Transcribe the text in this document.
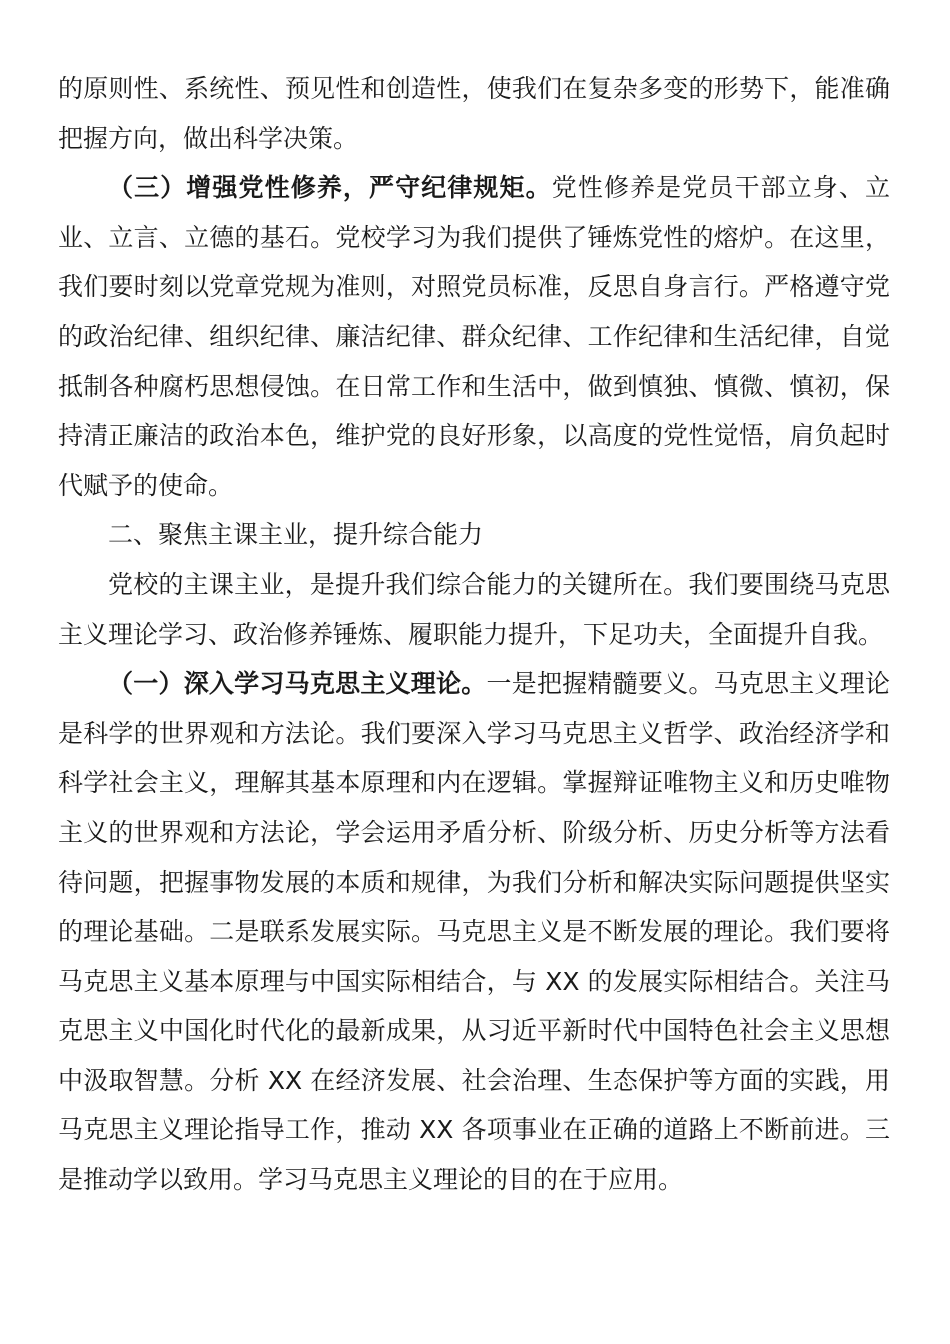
的原则性、系统性、预见性和创造性，使我们在复杂多变的形势下，能准确把握方向，做出科学决策。

（三）增强党性修养，严守纪律规矩。党性修养是党员干部立身、立业、立言、立德的基石。党校学习为我们提供了锤炼党性的熔炉。在这里，我们要时刻以党章党规为准则，对照党员标准，反思自身言行。严格遵守党的政治纪律、组织纪律、廉洁纪律、群众纪律、工作纪律和生活纪律，自觉抵制各种腐朽思想侵蚀。在日常工作和生活中，做到慎独、慎微、慎初，保持清正廉洁的政治本色，维护党的良好形象，以高度的党性觉悟，肩负起时代赋予的使命。

二、聚焦主课主业，提升综合能力

党校的主课主业，是提升我们综合能力的关键所在。我们要围绕马克思主义理论学习、政治修养锤炼、履职能力提升，下足功夫，全面提升自我。

（一）深入学习马克思主义理论。一是把握精髓要义。马克思主义理论是科学的世界观和方法论。我们要深入学习马克思主义哲学、政治经济学和科学社会主义，理解其基本原理和内在逻辑。掌握辩证唯物主义和历史唯物主义的世界观和方法论，学会运用矛盾分析、阶级分析、历史分析等方法看待问题，把握事物发展的本质和规律，为我们分析和解决实际问题提供坚实的理论基础。二是联系发展实际。马克思主义是不断发展的理论。我们要将马克思主义基本原理与中国实际相结合，与 XX 的发展实际相结合。关注马克思主义中国化时代化的最新成果，从习近平新时代中国特色社会主义思想中汲取智慧。分析 XX 在经济发展、社会治理、生态保护等方面的实践，用马克思主义理论指导工作，推动 XX 各项事业在正确的道路上不断前进。三是推动学以致用。学习马克思主义理论的目的在于应用。
